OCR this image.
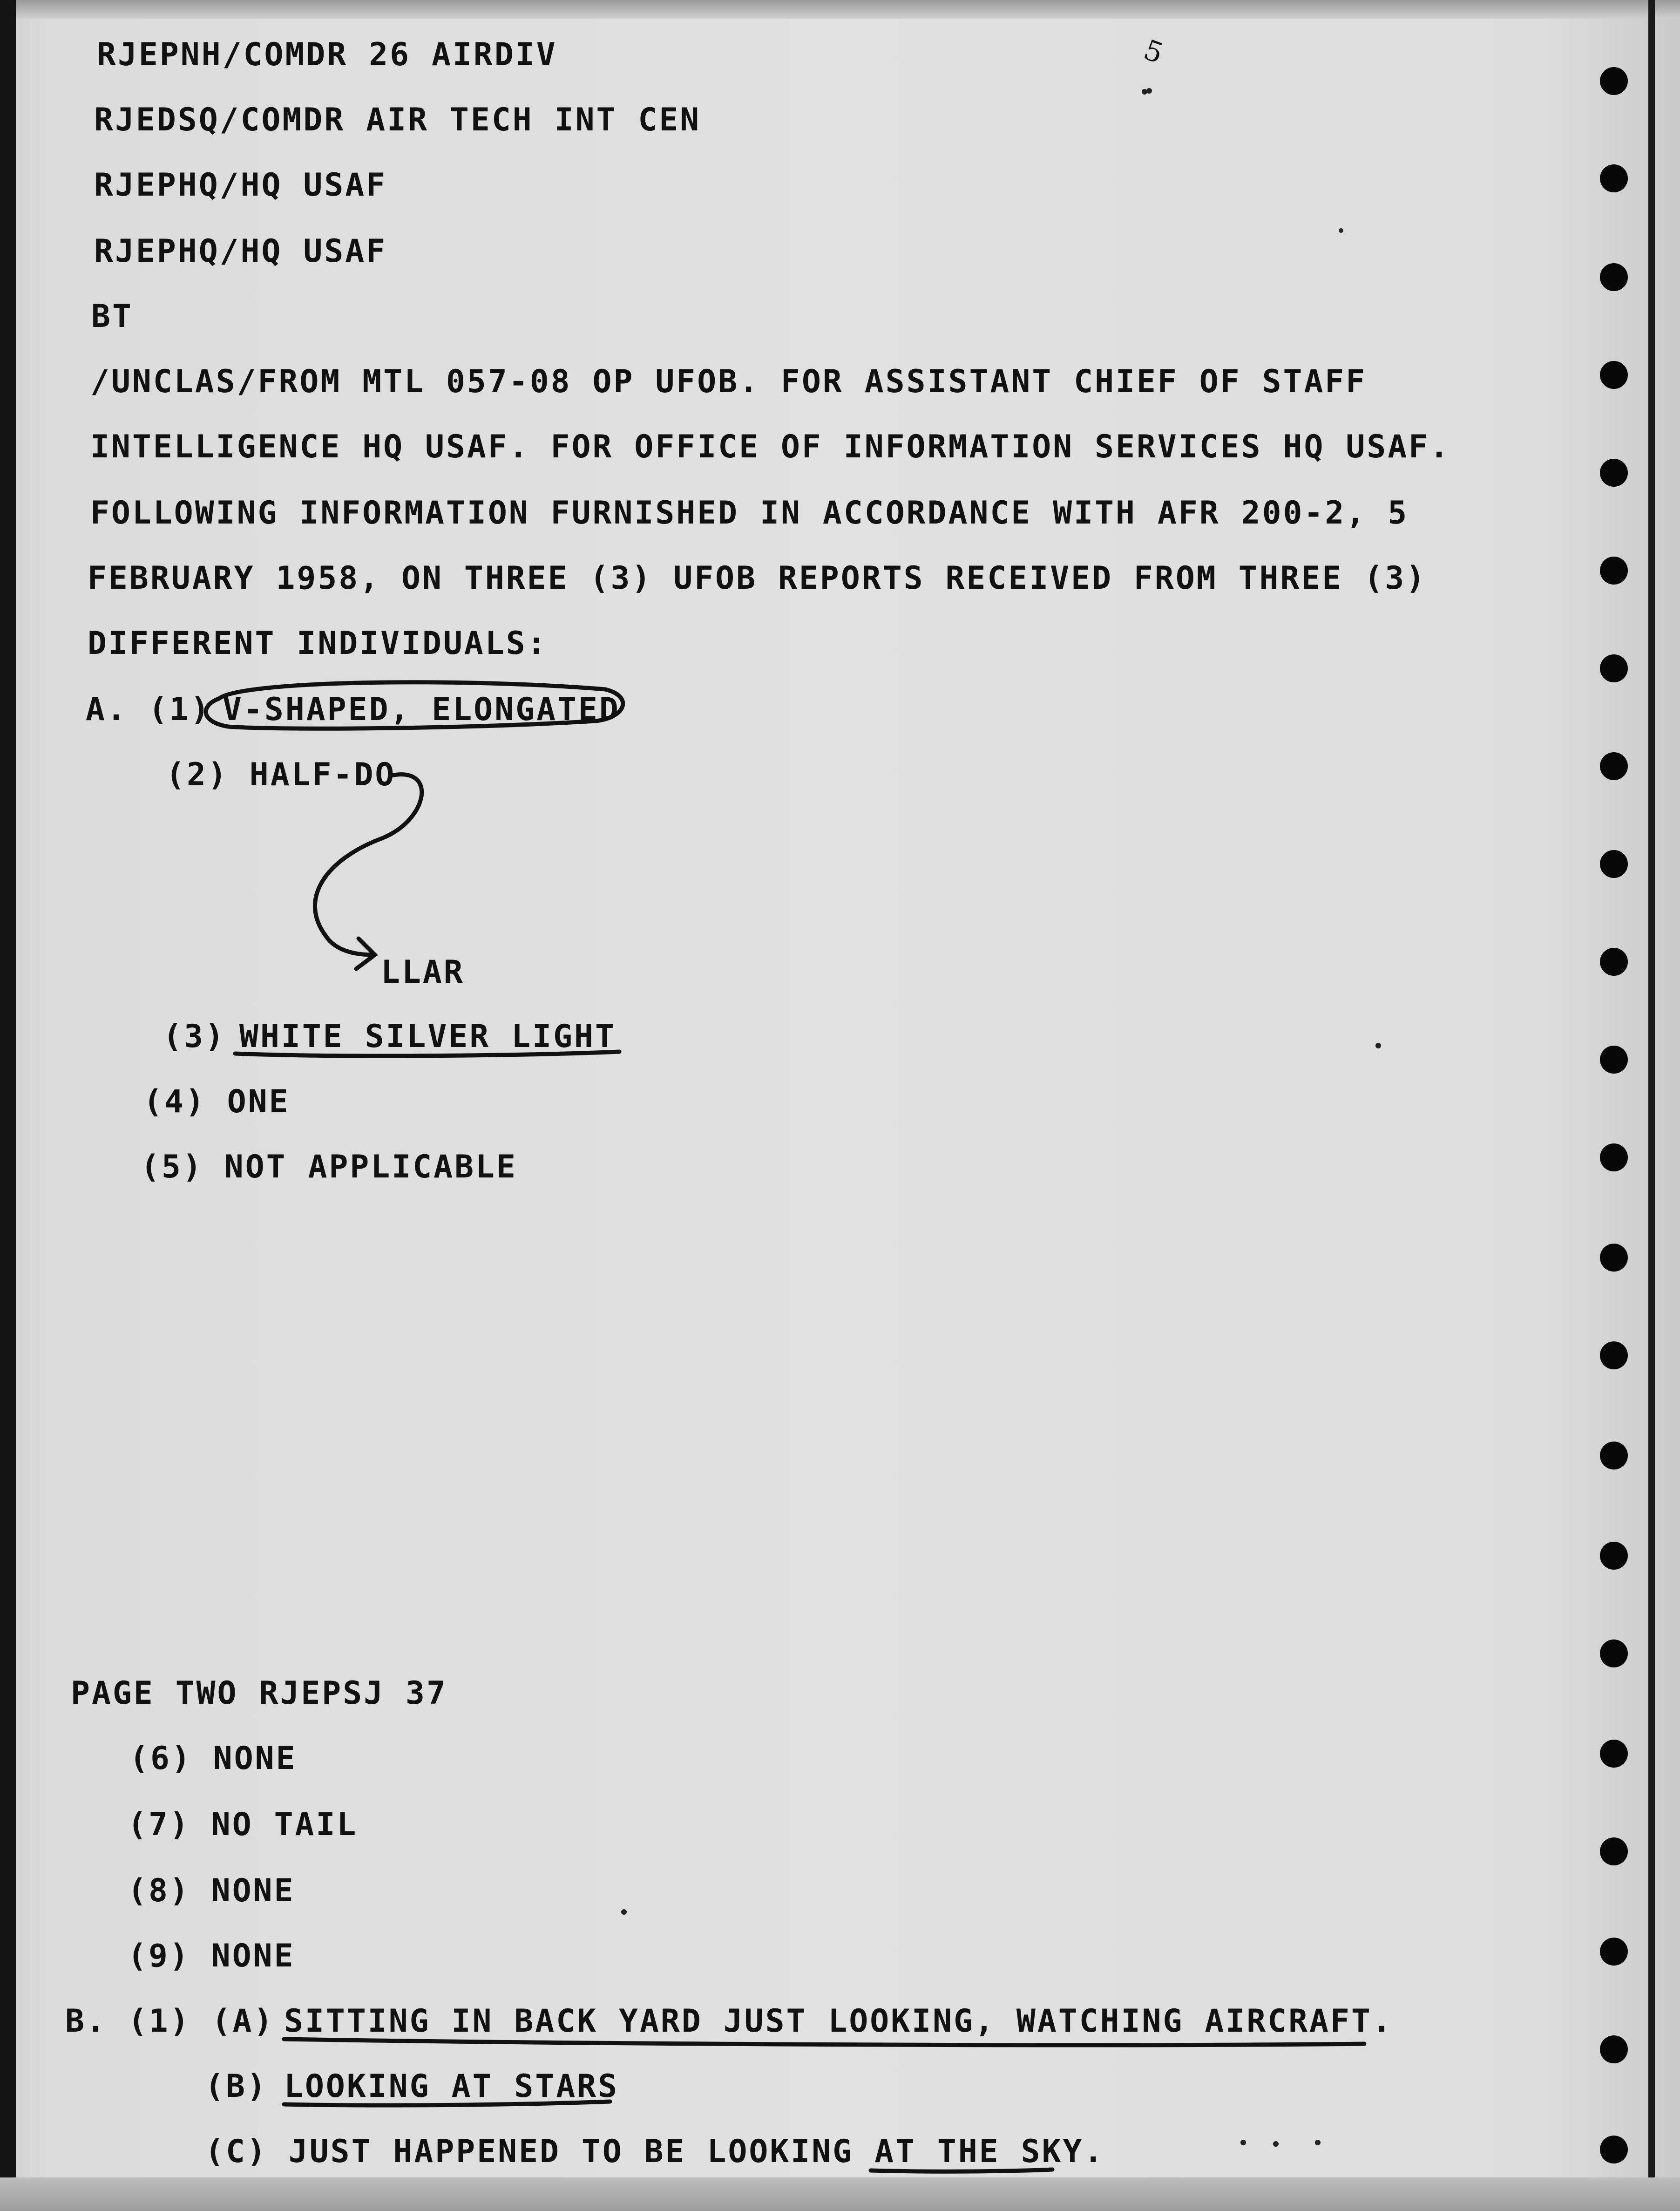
5
RJEPNH/COMDR 26 AIRDIV
RJEDSQ/COMDR AIR TECH INT CEN
RJEPHQ/HQ USAF
RJEPHQ/HQ USAF
BT
/UNCLAS/FROM MTL 057-08 OP UFOB. FOR ASSISTANT CHIEF OF STAFF
INTELLIGENCE HQ USAF. FOR OFFICE OF INFORMATION SERVICES HQ USAF.
FOLLOWING INFORMATION FURNISHED IN ACCORDANCE WITH AFR 200-2, 5
FEBRUARY 1958, ON THREE (3) UFOB REPORTS RECEIVED FROM THREE (3)
DIFFERENT INDIVIDUALS:
A. (1) V-SHAPED, ELONGATED
(2) HALF-DO
LLAR
(3) WHITE SILVER LIGHT
(4) ONE
(5) NOT APPLICABLE
PAGE TWO RJEPSJ 37
(6) NONE
(7) NO TAIL
(8) NONE
(9) NONE
B. (1) (A) SITTING IN BACK YARD JUST LOOKING, WATCHING AIRCRAFT.
(B) LOOKING AT STARS
(C) JUST HAPPENED TO BE LOOKING AT THE SKY.
